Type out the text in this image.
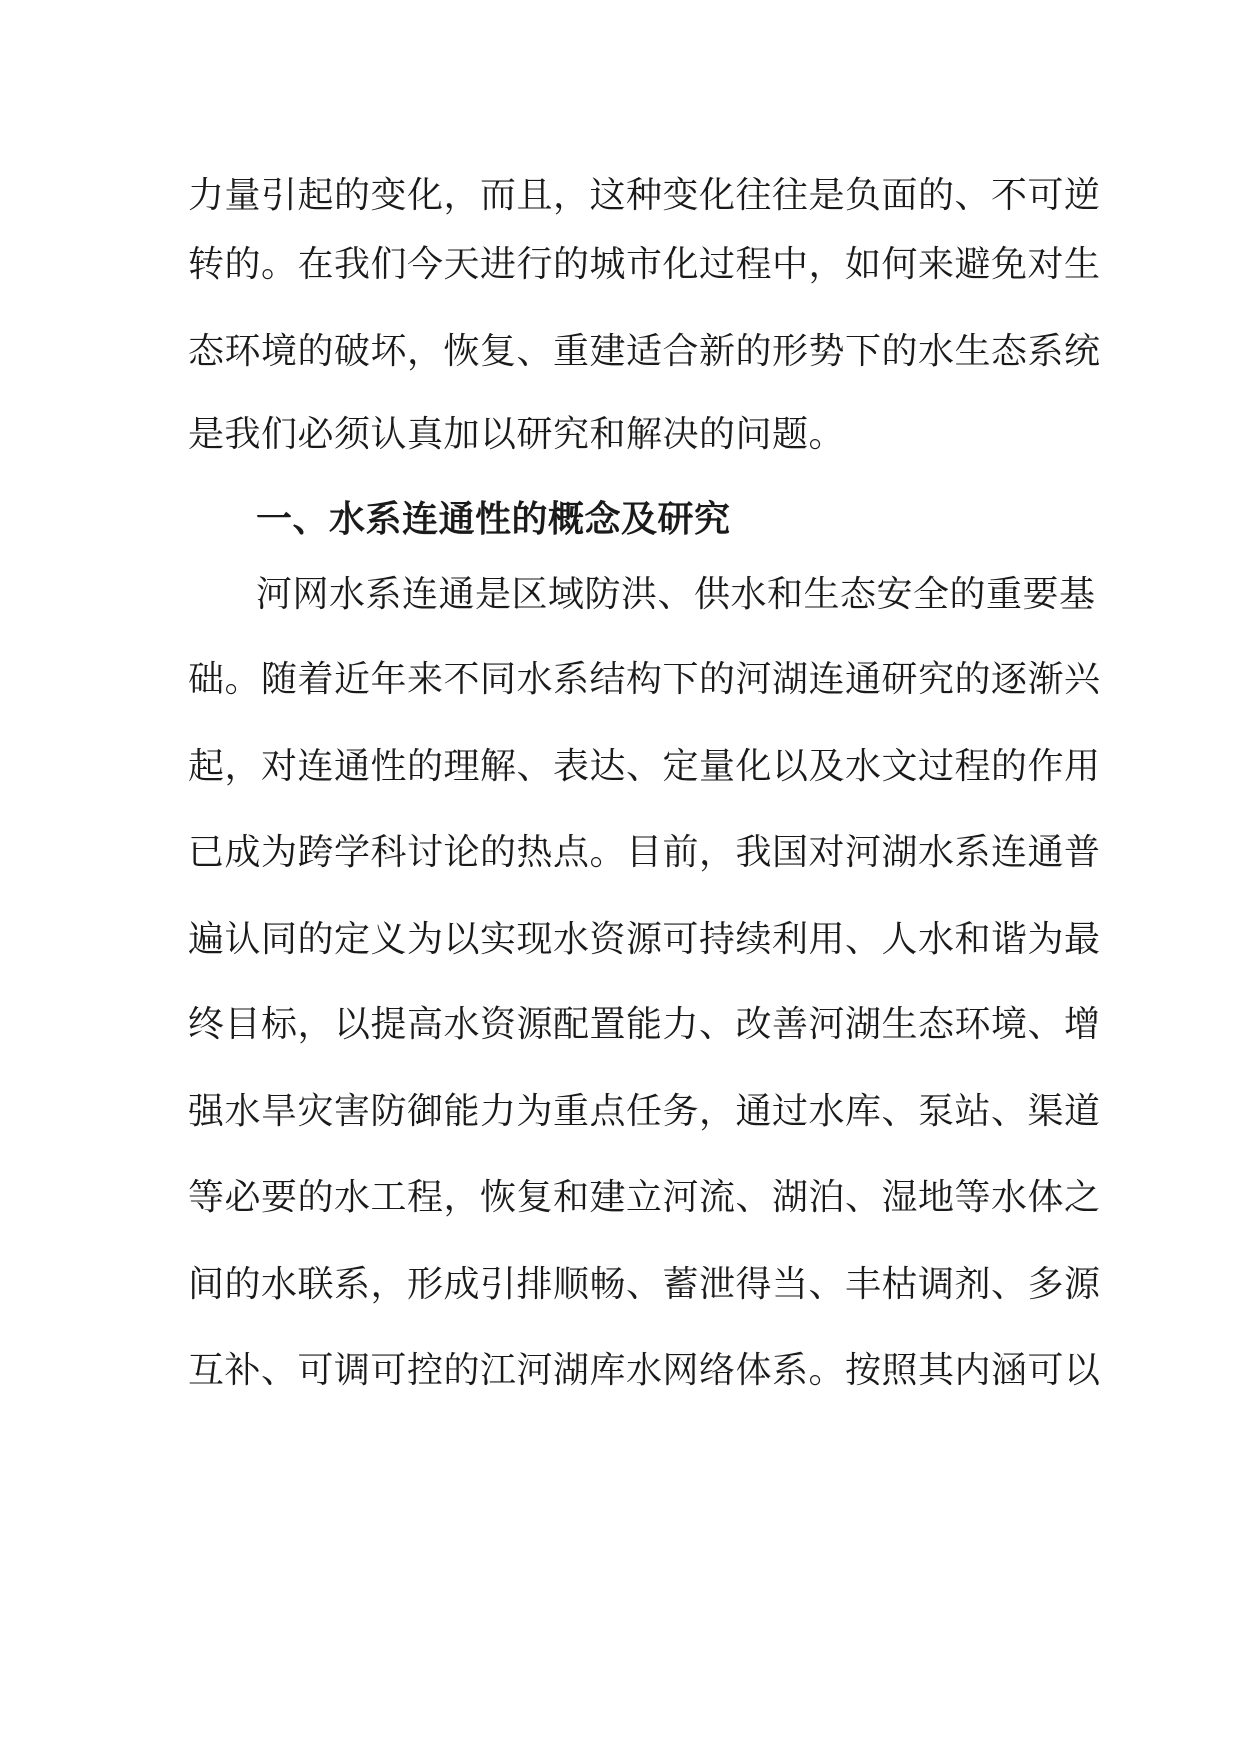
力量引起的变化，而且，这种变化往往是负面的、不可逆
转的。在我们今天进行的城市化过程中，如何来避免对生
态环境的破坏，恢复、重建适合新的形势下的水生态系统
是我们必须认真加以研究和解决的问题。
一、水系连通性的概念及研究
河网水系连通是区域防洪、供水和生态安全的重要基
础。随着近年来不同水系结构下的河湖连通研究的逐渐兴
起，对连通性的理解、表达、定量化以及水文过程的作用
已成为跨学科讨论的热点。目前，我国对河湖水系连通普
遍认同的定义为以实现水资源可持续利用、人水和谐为最
终目标，以提高水资源配置能力、改善河湖生态环境、增
强水旱灾害防御能力为重点任务，通过水库、泵站、渠道
等必要的水工程，恢复和建立河流、湖泊、湿地等水体之
间的水联系，形成引排顺畅、蓄泄得当、丰枯调剂、多源
互补、可调可控的江河湖库水网络体系。按照其内涵可以
